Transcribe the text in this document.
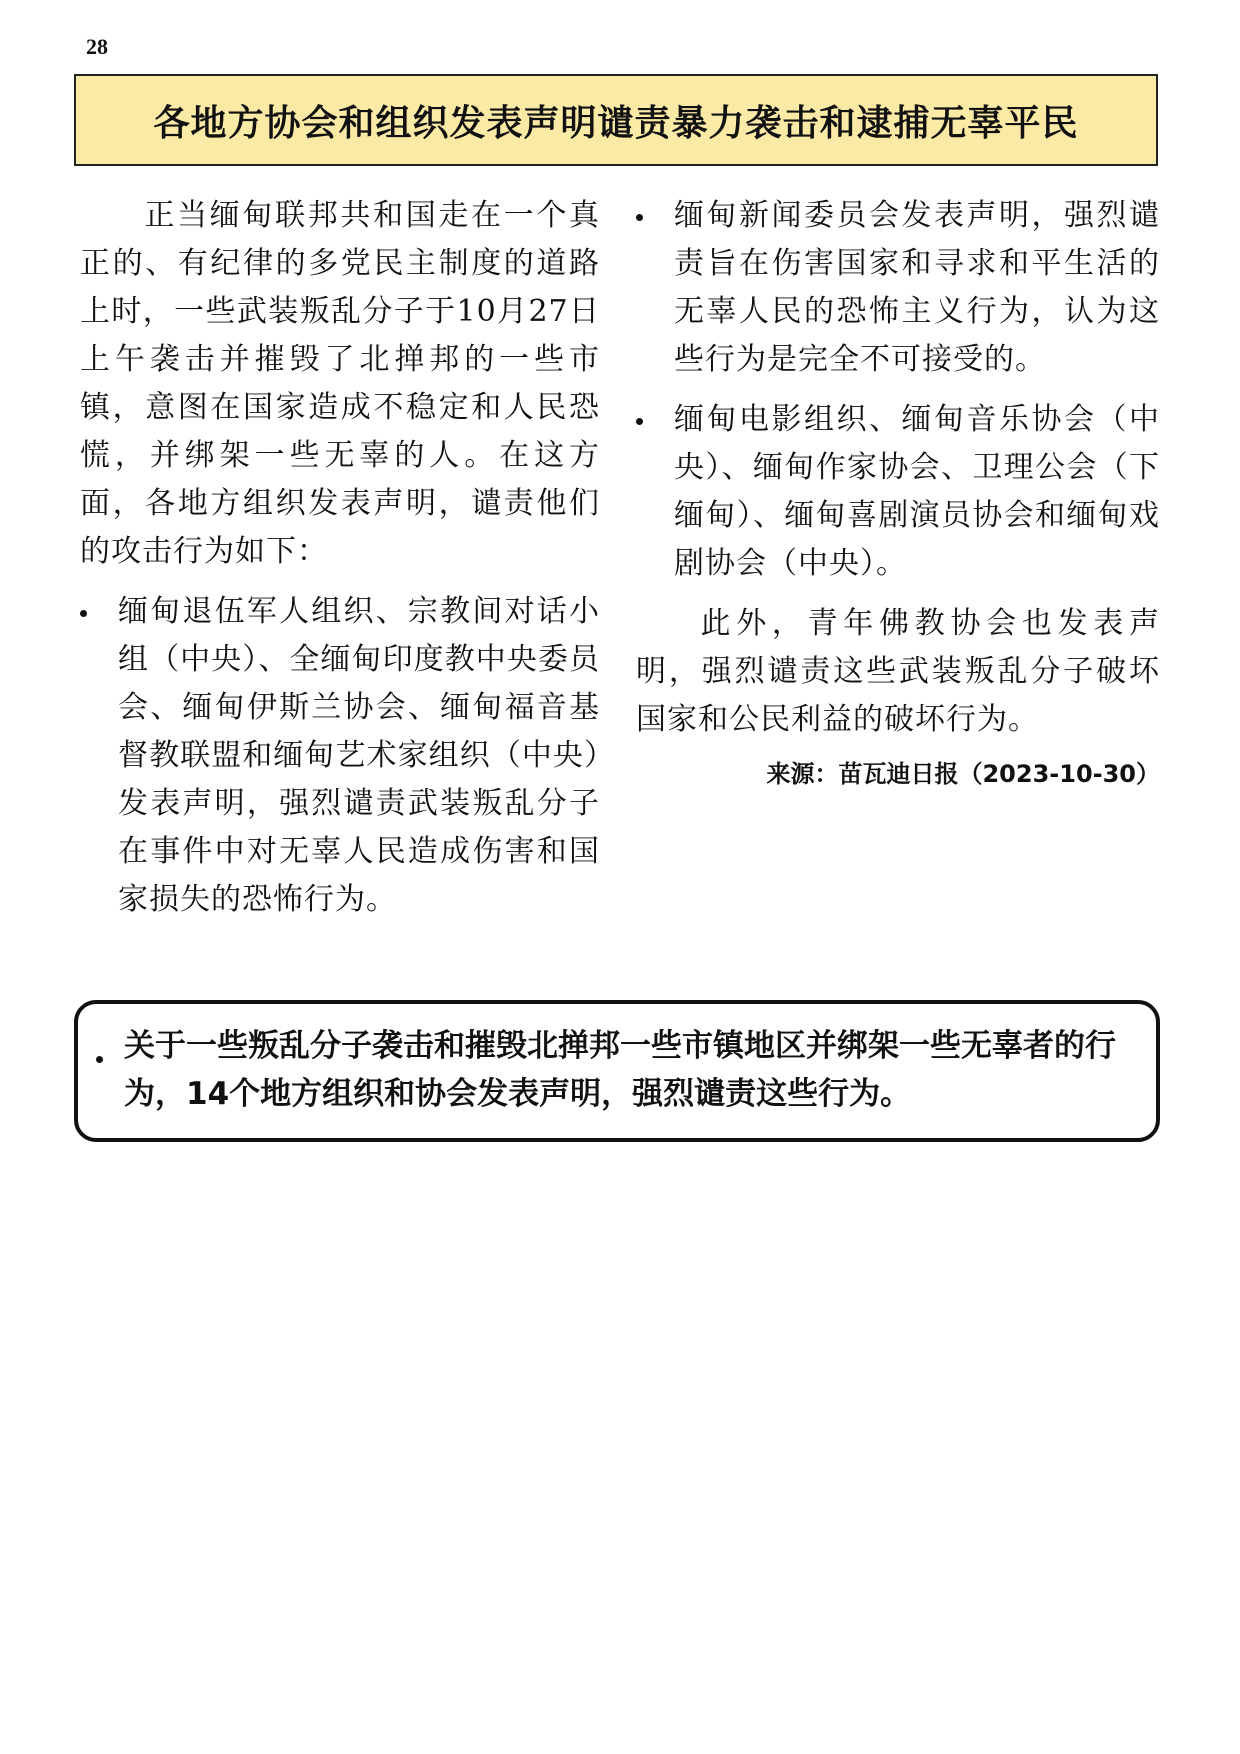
28
各地方协会和组织发表声明谴责暴力袭击和逮捕无辜平民

正当缅甸联邦共和国走在一个真正的、有纪律的多党民主制度的道路上时，一些武装叛乱分子于10月27日上午袭击并摧毁了北掸邦的一些市镇，意图在国家造成不稳定和人民恐慌，并绑架一些无辜的人。在这方面，各地方组织发表声明，谴责他们的攻击行为如下：

缅甸退伍军人组织、宗教间对话小组（中央）、全缅甸印度教中央委员会、缅甸伊斯兰协会、缅甸福音基督教联盟和缅甸艺术家组织（中央）发表声明，强烈谴责武装叛乱分子在事件中对无辜人民造成伤害和国家损失的恐怖行为。
缅甸新闻委员会发表声明，强烈谴责旨在伤害国家和寻求和平生活的无辜人民的恐怖主义行为，认为这些行为是完全不可接受的。
缅甸电影组织、缅甸音乐协会（中央）、缅甸作家协会、卫理公会（下缅甸）、缅甸喜剧演员协会和缅甸戏剧协会（中央）。

此外，青年佛教协会也发表声明，强烈谴责这些武装叛乱分子破坏国家和公民利益的破坏行为。

来源：苗瓦迪日报（2023-10-30）

关于一些叛乱分子袭击和摧毁北掸邦一些市镇地区并绑架一些无辜者的行为，14个地方组织和协会发表声明，强烈谴责这些行为。
